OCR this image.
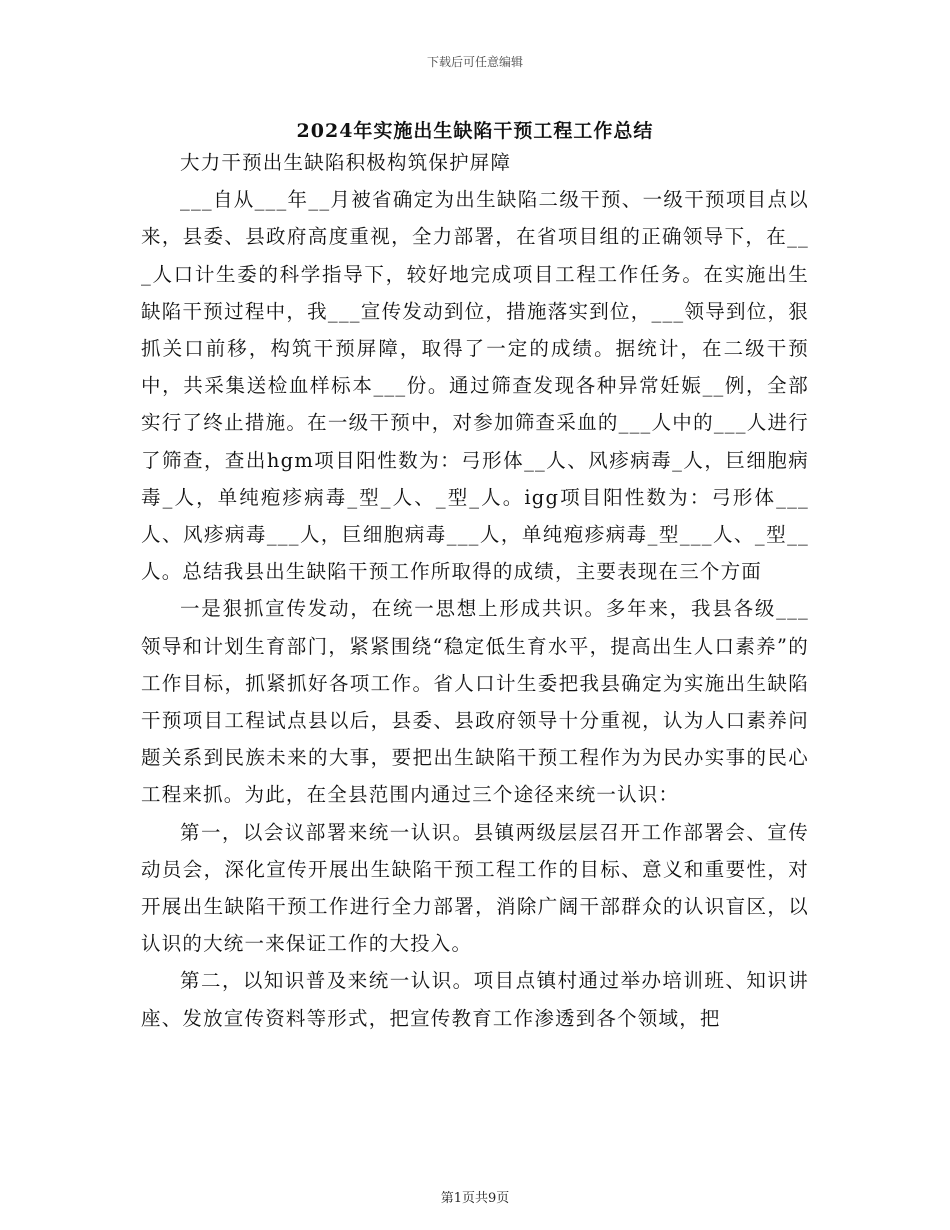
下载后可任意编辑
2024年实施出生缺陷干预工程工作总结

大力干预出生缺陷积极构筑保护屏障

___自从___年__月被省确定为出生缺陷二级干预、一级干预项目点以来，县委、县政府高度重视，全力部署，在省项目组的正确领导下，在___人口计生委的科学指导下，较好地完成项目工程工作任务。在实施出生缺陷干预过程中，我___宣传发动到位，措施落实到位，___领导到位，狠抓关口前移，构筑干预屏障，取得了一定的成绩。据统计，在二级干预中，共采集送检血样标本___份。通过筛查发现各种异常妊娠__例，全部实行了终止措施。在一级干预中，对参加筛查采血的___人中的___人进行了筛查，查出hgm项目阳性数为：弓形体__人、风疹病毒_人，巨细胞病毒_人，单纯疱疹病毒_型_人、_型_人。igg项目阳性数为：弓形体___人、风疹病毒___人，巨细胞病毒___人，单纯疱疹病毒_型___人、_型__人。总结我县出生缺陷干预工作所取得的成绩，主要表现在三个方面

一是狠抓宣传发动，在统一思想上形成共识。多年来，我县各级___领导和计划生育部门，紧紧围绕“稳定低生育水平，提高出生人口素养”的工作目标，抓紧抓好各项工作。省人口计生委把我县确定为实施出生缺陷干预项目工程试点县以后，县委、县政府领导十分重视，认为人口素养问题关系到民族未来的大事，要把出生缺陷干预工程作为为民办实事的民心工程来抓。为此，在全县范围内通过三个途径来统一认识：

第一，以会议部署来统一认识。县镇两级层层召开工作部署会、宣传动员会，深化宣传开展出生缺陷干预工程工作的目标、意义和重要性，对开展出生缺陷干预工作进行全力部署，消除广阔干部群众的认识盲区，以认识的大统一来保证工作的大投入。

第二，以知识普及来统一认识。项目点镇村通过举办培训班、知识讲座、发放宣传资料等形式，把宣传教育工作渗透到各个领域，把

第1页共9页
